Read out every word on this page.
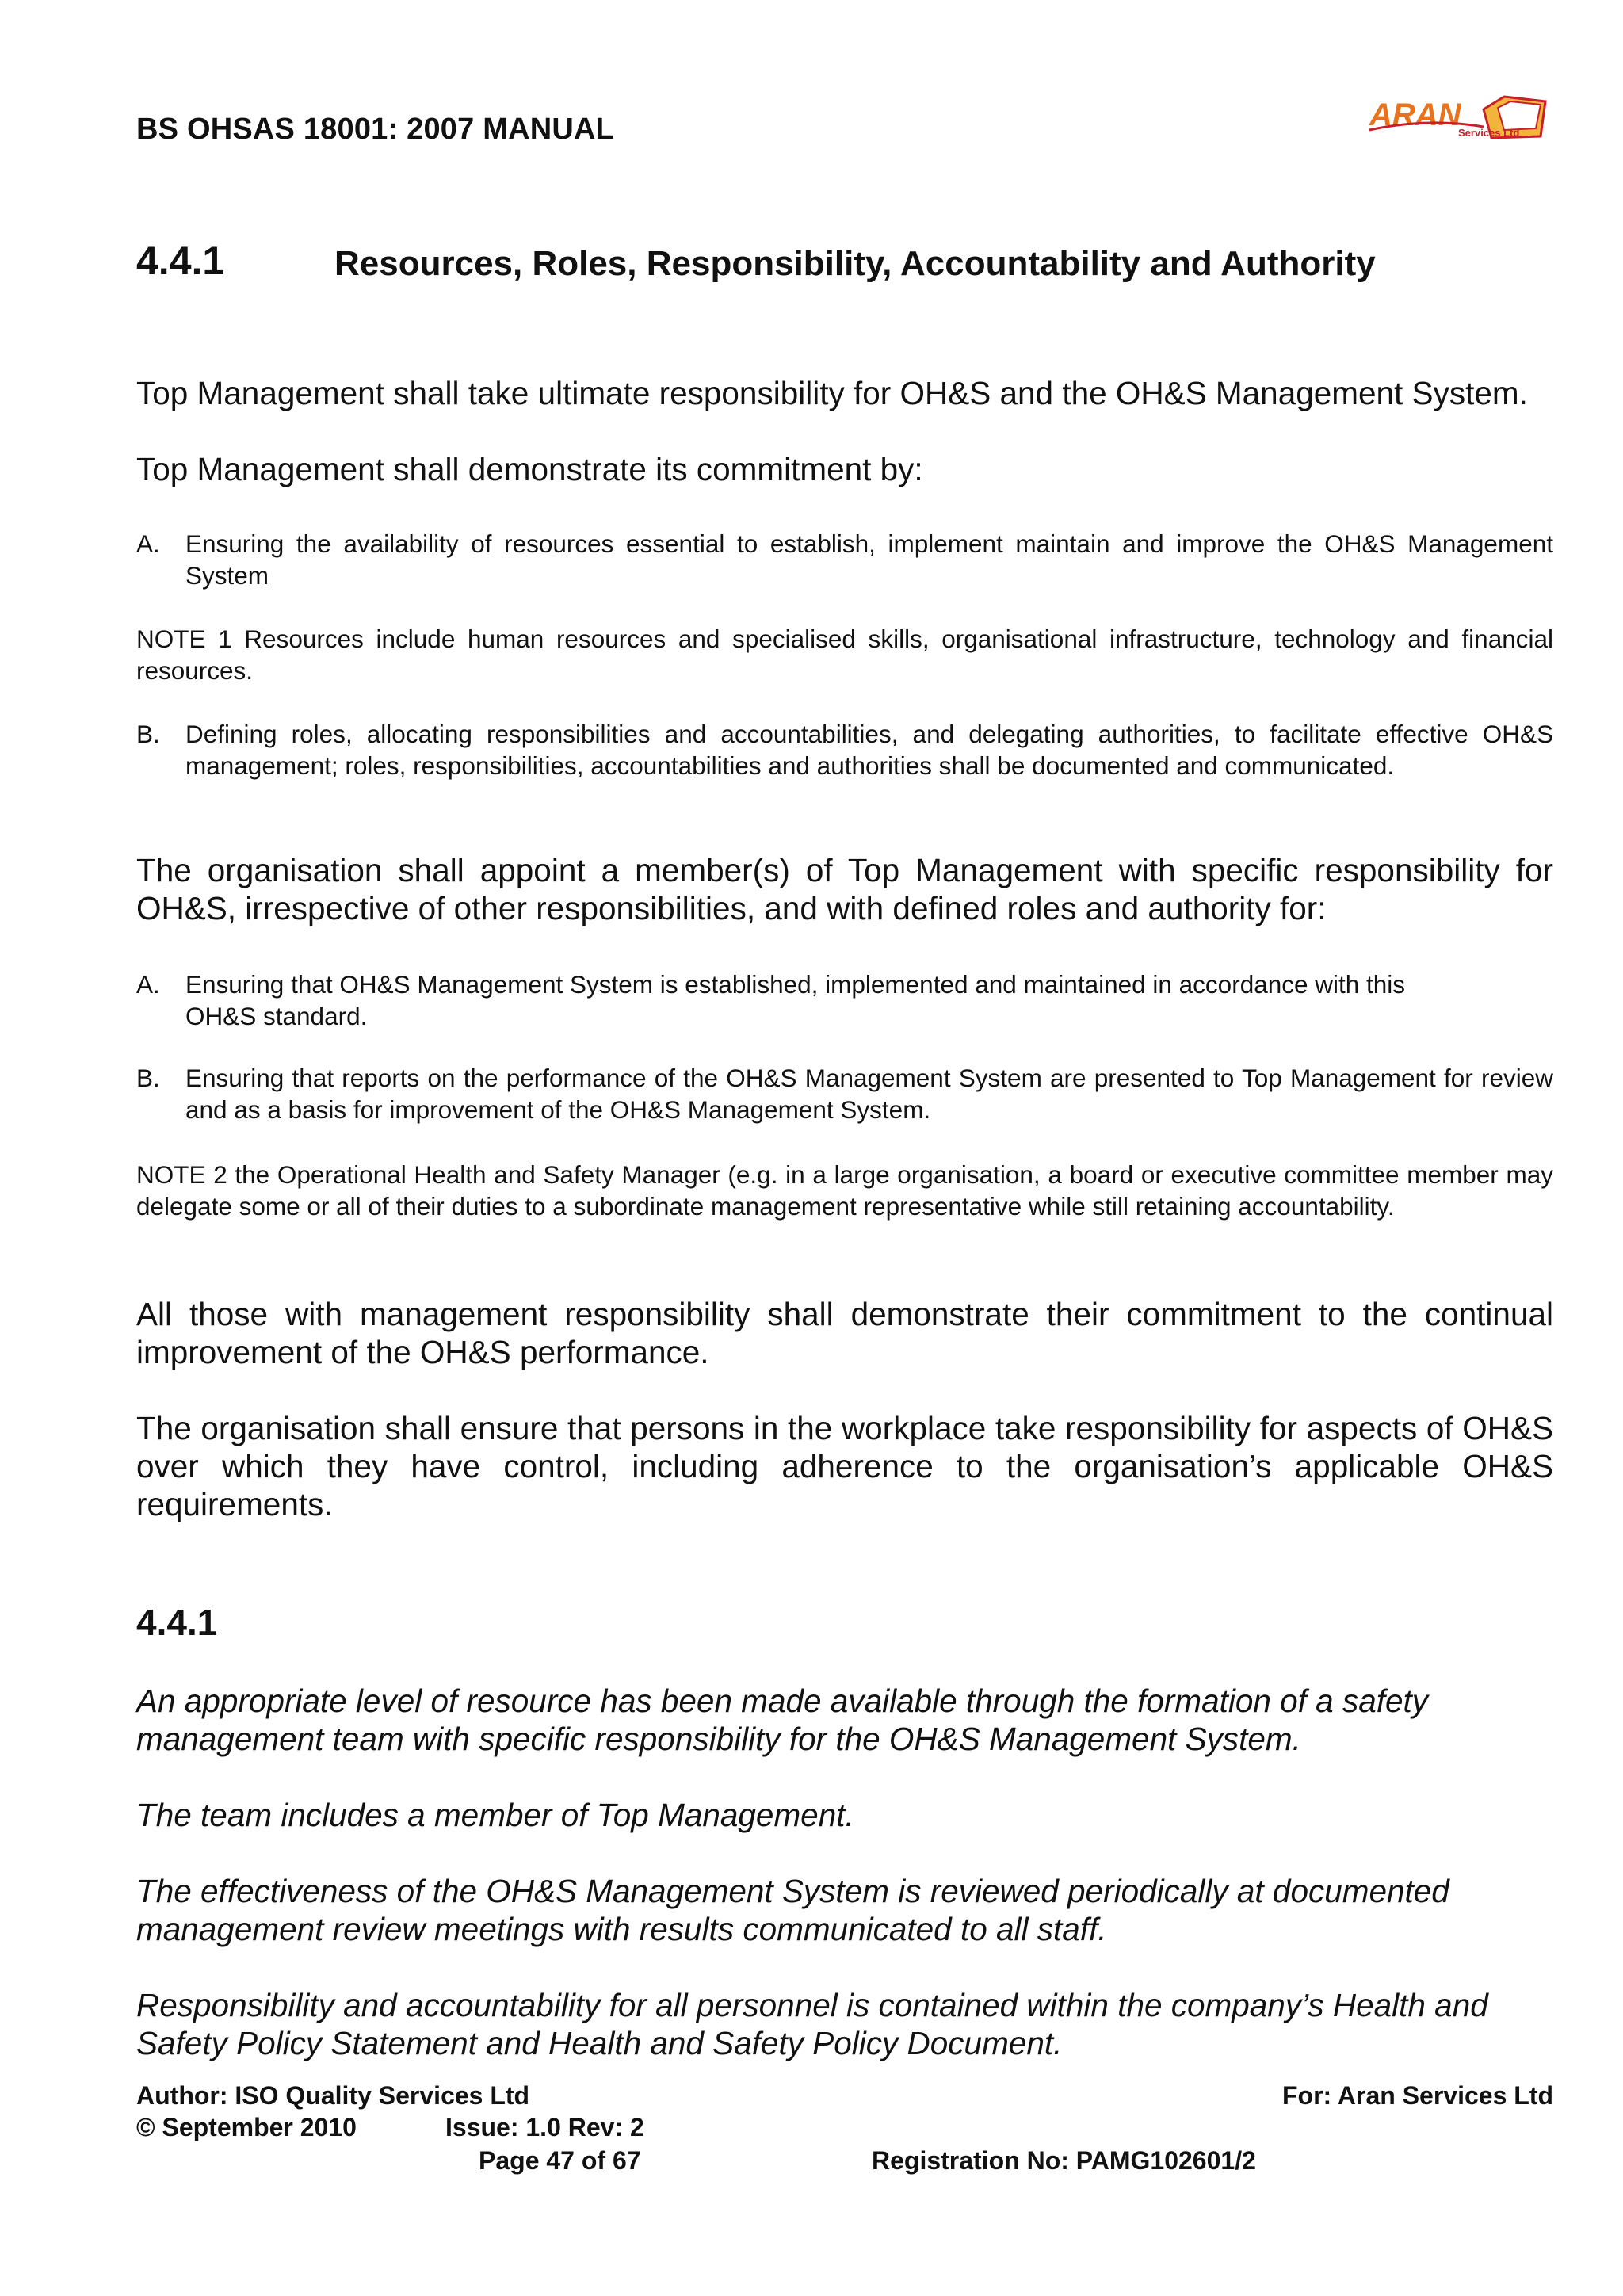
BS OHSAS 18001: 2007 MANUAL	ARAN
Services Ltd
4.4.1	Resources, Roles, Responsibility, Accountability and Authority
Top Management shall take ultimate responsibility for OH&S and the OH&S Management System.
Top Management shall demonstrate its commitment by:
A. Ensuring the availability of resources essential to establish, implement maintain and improve the OH&S Management System
NOTE 1 Resources include human resources and specialised skills, organisational infrastructure, technology and financial resources.
B. Defining roles, allocating responsibilities and accountabilities, and delegating authorities, to facilitate effective OH&S management; roles, responsibilities, accountabilities and authorities shall be documented and communicated.
The organisation shall appoint a member(s) of Top Management with specific responsibility for OH&S, irrespective of other responsibilities, and with defined roles and authority for:
A. Ensuring that OH&S Management System is established, implemented and maintained in accordance with this OH&S standard.
B. Ensuring that reports on the performance of the OH&S Management System are presented to Top Management for review and as a basis for improvement of the OH&S Management System.
NOTE 2 the Operational Health and Safety Manager (e.g. in a large organisation, a board or executive committee member may delegate some or all of their duties to a subordinate management representative while still retaining accountability.
All those with management responsibility shall demonstrate their commitment to the continual improvement of the OH&S performance.
The organisation shall ensure that persons in the workplace take responsibility for aspects of OH&S over which they have control, including adherence to the organisation’s applicable OH&S requirements.
4.4.1
An appropriate level of resource has been made available through the formation of a safety management team with specific responsibility for the OH&S Management System.
The team includes a member of Top Management.
The effectiveness of the OH&S Management System is reviewed periodically at documented management review meetings with results communicated to all staff.
Responsibility and accountability for all personnel is contained within the company’s Health and Safety Policy Statement and Health and Safety Policy Document.
Author: ISO Quality Services Ltd	For: Aran Services Ltd
© September 2010	Issue: 1.0 Rev: 2
Page 47 of 67	Registration No: PAMG102601/2
